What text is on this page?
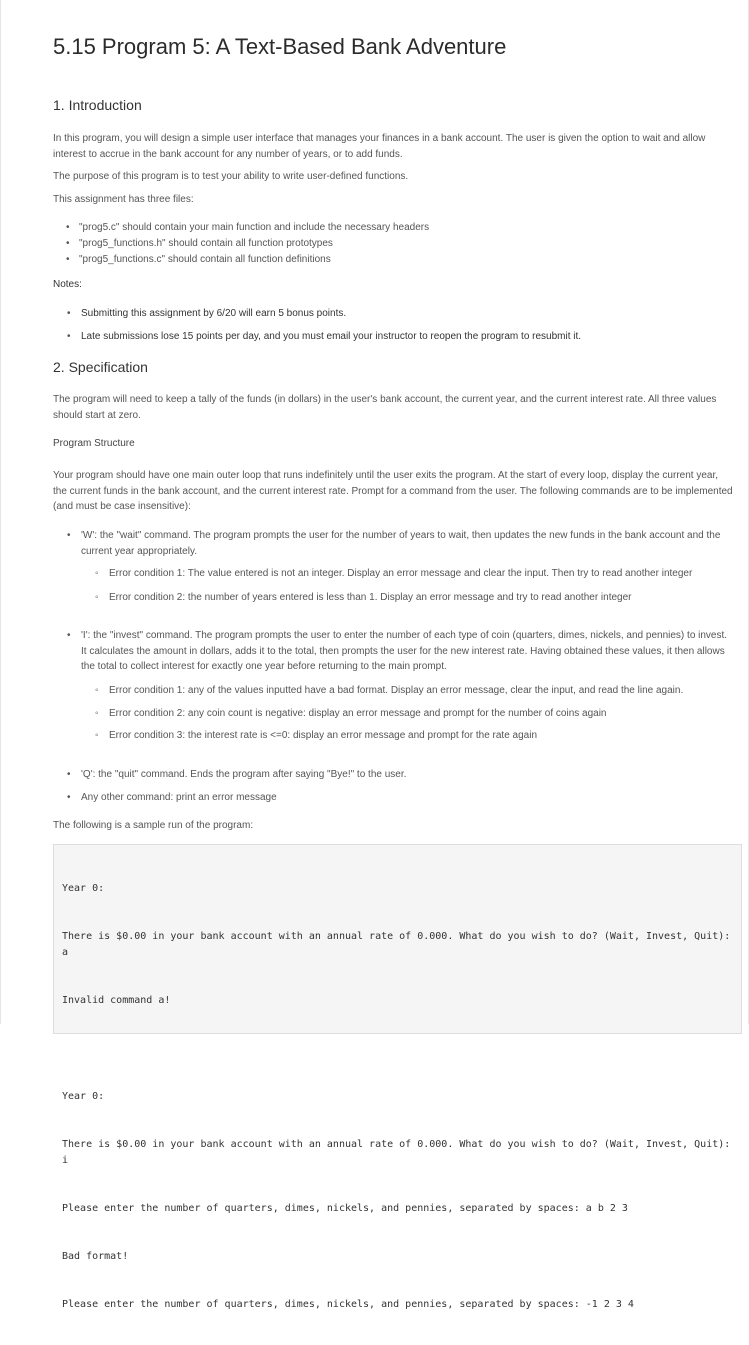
5.15 Program 5: A Text-Based Bank Adventure
1. Introduction

In this program, you will design a simple user interface that manages your finances in a bank account. The user is given the option to wait and allow interest to accrue in the bank account for any number of years, or to add funds.

The purpose of this program is to test your ability to write user-defined functions.

This assignment has three files:

• "prog5.c" should contain your main function and include the necessary headers
• "prog5_functions.h" should contain all function prototypes
• "prog5_functions.c" should contain all function definitions

Notes:

• Submitting this assignment by 6/20 will earn 5 bonus points.
• Late submissions lose 15 points per day, and you must email your instructor to reopen the program to resubmit it.
2. Specification

The program will need to keep a tally of the funds (in dollars) in the user's bank account, the current year, and the current interest rate. All three values should start at zero.

Program Structure

Your program should have one main outer loop that runs indefinitely until the user exits the program. At the start of every loop, display the current year, the current funds in the bank account, and the current interest rate. Prompt for a command from the user. The following commands are to be implemented (and must be case insensitive):

• 'W': the "wait" command. The program prompts the user for the number of years to wait, then updates the new funds in the bank account and the current year appropriately.
◦ Error condition 1: The value entered is not an integer. Display an error message and clear the input. Then try to read another integer
◦ Error condition 2: the number of years entered is less than 1. Display an error message and try to read another integer
• 'I': the "invest" command. The program prompts the user to enter the number of each type of coin (quarters, dimes, nickels, and pennies) to invest. It calculates the amount in dollars, adds it to the total, then prompts the user for the new interest rate. Having obtained these values, it then allows the total to collect interest for exactly one year before returning to the main prompt.
◦ Error condition 1: any of the values inputted have a bad format. Display an error message, clear the input, and read the line again.
◦ Error condition 2: any coin count is negative: display an error message and prompt for the number of coins again
◦ Error condition 3: the interest rate is <=0: display an error message and prompt for the rate again
• 'Q': the "quit" command. Ends the program after saying "Bye!" to the user.
• Any other command: print an error message

The following is a sample run of the program:

Year 0:

There is $0.00 in your bank account with an annual rate of 0.000. What do you wish to do? (Wait, Invest, Quit): a

Invalid command a!

Year 0:

There is $0.00 in your bank account with an annual rate of 0.000. What do you wish to do? (Wait, Invest, Quit): i

Please enter the number of quarters, dimes, nickels, and pennies, separated by spaces: a b 2 3

Bad format!

Please enter the number of quarters, dimes, nickels, and pennies, separated by spaces: -1 2 3 4
